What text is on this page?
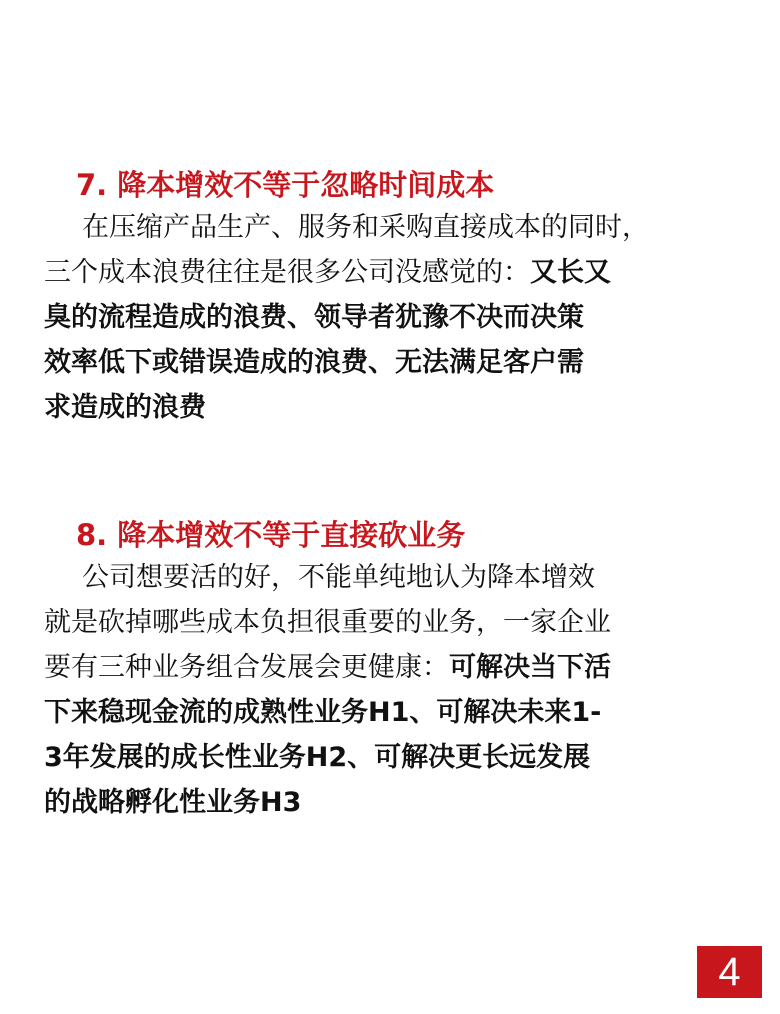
7. 降本增效不等于忽略时间成本
在压缩产品生产、服务和采购直接成本的同时，
三个成本浪费往往是很多公司没感觉的：又长又
臭的流程造成的浪费、领导者犹豫不决而决策
效率低下或错误造成的浪费、无法满足客户需
求造成的浪费
8. 降本增效不等于直接砍业务
公司想要活的好，不能单纯地认为降本增效
就是砍掉哪些成本负担很重要的业务，一家企业
要有三种业务组合发展会更健康：可解决当下活
下来稳现金流的成熟性业务H1、可解决未来1-
3年发展的成长性业务H2、可解决更长远发展
的战略孵化性业务H3
4
